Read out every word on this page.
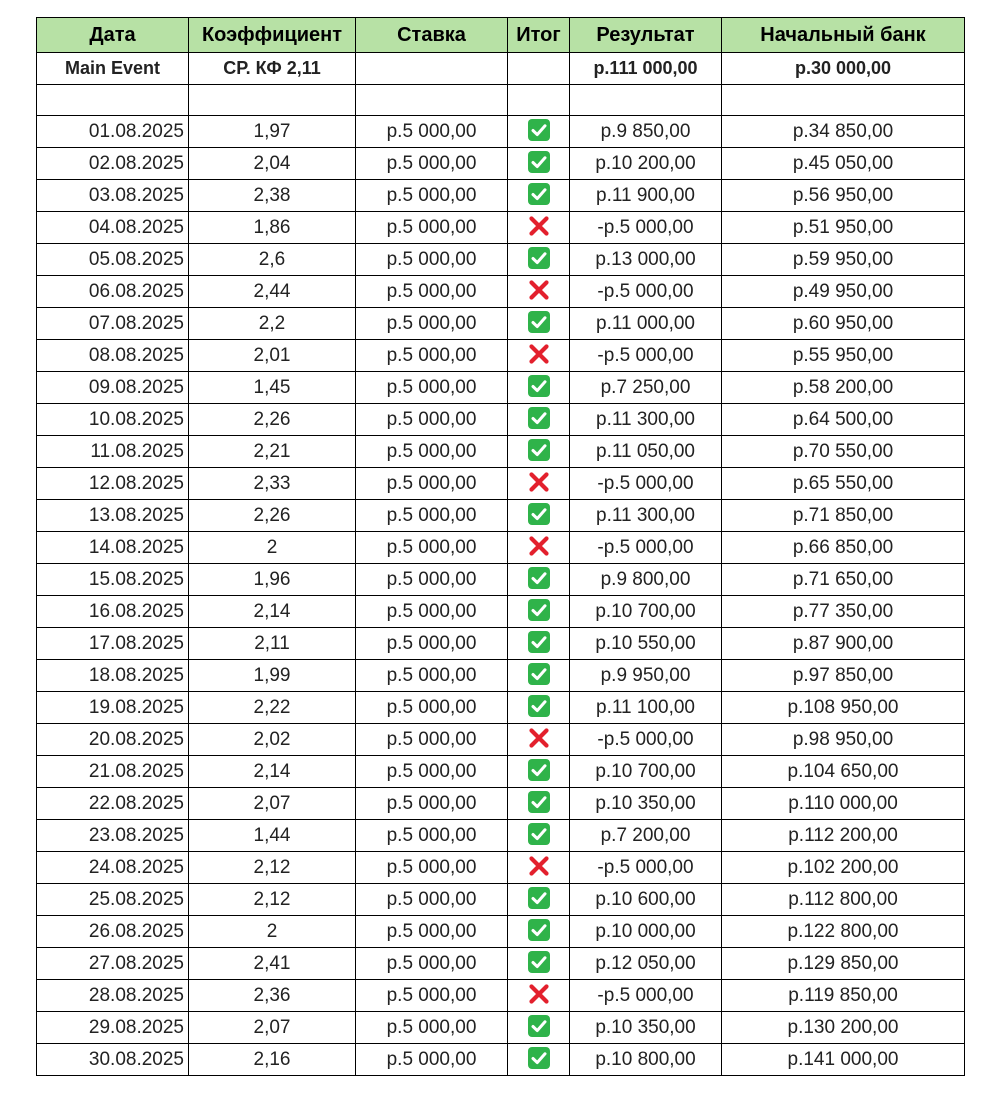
Дата	Коэффициент	Ставка	Итог	Результат	Начальный банк
Main Event	СР. КФ 2,11			р.111 000,00	р.30 000,00

01.08.2025	1,97	р.5 000,00		р.9 850,00	р.34 850,00
02.08.2025	2,04	р.5 000,00		р.10 200,00	р.45 050,00
03.08.2025	2,38	р.5 000,00		р.11 900,00	р.56 950,00
04.08.2025	1,86	р.5 000,00		-р.5 000,00	р.51 950,00
05.08.2025	2,6	р.5 000,00		р.13 000,00	р.59 950,00
06.08.2025	2,44	р.5 000,00		-р.5 000,00	р.49 950,00
07.08.2025	2,2	р.5 000,00		р.11 000,00	р.60 950,00
08.08.2025	2,01	р.5 000,00		-р.5 000,00	р.55 950,00
09.08.2025	1,45	р.5 000,00		р.7 250,00	р.58 200,00
10.08.2025	2,26	р.5 000,00		р.11 300,00	р.64 500,00
11.08.2025	2,21	р.5 000,00		р.11 050,00	р.70 550,00
12.08.2025	2,33	р.5 000,00		-р.5 000,00	р.65 550,00
13.08.2025	2,26	р.5 000,00		р.11 300,00	р.71 850,00
14.08.2025	2	р.5 000,00		-р.5 000,00	р.66 850,00
15.08.2025	1,96	р.5 000,00		р.9 800,00	р.71 650,00
16.08.2025	2,14	р.5 000,00		р.10 700,00	р.77 350,00
17.08.2025	2,11	р.5 000,00		р.10 550,00	р.87 900,00
18.08.2025	1,99	р.5 000,00		р.9 950,00	р.97 850,00
19.08.2025	2,22	р.5 000,00		р.11 100,00	р.108 950,00
20.08.2025	2,02	р.5 000,00		-р.5 000,00	р.98 950,00
21.08.2025	2,14	р.5 000,00		р.10 700,00	р.104 650,00
22.08.2025	2,07	р.5 000,00		р.10 350,00	р.110 000,00
23.08.2025	1,44	р.5 000,00		р.7 200,00	р.112 200,00
24.08.2025	2,12	р.5 000,00		-р.5 000,00	р.102 200,00
25.08.2025	2,12	р.5 000,00		р.10 600,00	р.112 800,00
26.08.2025	2	р.5 000,00		р.10 000,00	р.122 800,00
27.08.2025	2,41	р.5 000,00		р.12 050,00	р.129 850,00
28.08.2025	2,36	р.5 000,00		-р.5 000,00	р.119 850,00
29.08.2025	2,07	р.5 000,00		р.10 350,00	р.130 200,00
30.08.2025	2,16	р.5 000,00		р.10 800,00	р.141 000,00
